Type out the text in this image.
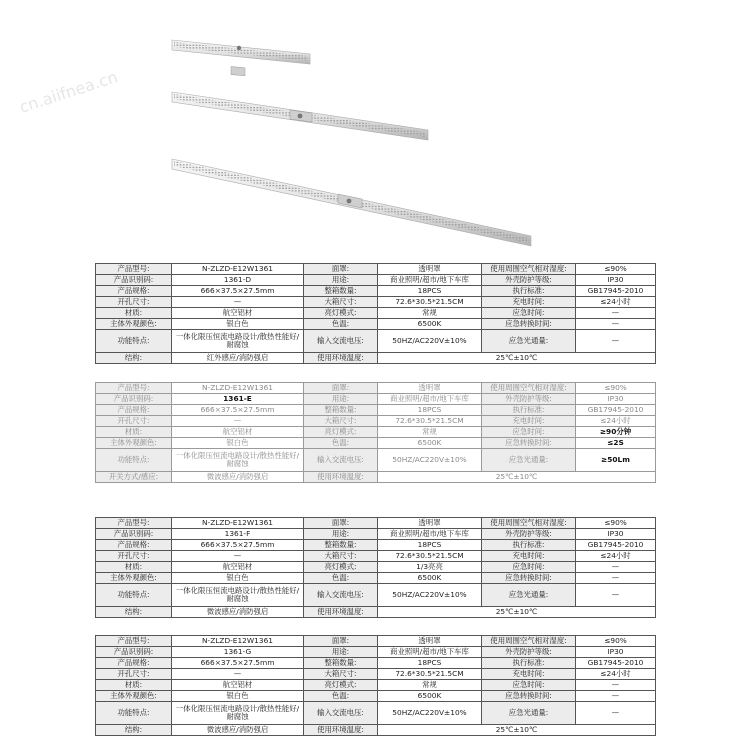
cn.aiifnea.cn
产品型号:	N-ZLZD-E12W1361	面罩:	透明罩	使用周围空气相对湿度:	≤90%
产品识别码:	1361-D	用途:	商业照明/超市/地下车库	外壳防护等级:	IP30
产品规格:	666×37.5×27.5mm	整箱数量:	18PCS	执行标准:	GB17945-2010
开孔尺寸:	—	大箱尺寸:	72.6*30.5*21.5CM	充电时间:	≤24小时
材质:	航空铝材	亮灯模式:	常规	应急时间:	—
主体外观颜色:	银白色	色温:	6500K	应急转换时间:	—
功能特点:	一体化限压恒流电路设计/散热性能好/耐腐蚀	输入交流电压:	50HZ/AC220V±10%	应急光通量:	—
结构:	红外感应/消防强启	使用环境温度:	25℃±10℃		
产品型号:	N-ZLZD-E12W1361	面罩:	透明罩	使用周围空气相对湿度:	≤90%
产品识别码:	1361-E	用途:	商业照明/超市/地下车库	外壳防护等级:	IP30
产品规格:	666×37.5×27.5mm	整箱数量:	18PCS	执行标准:	GB17945-2010
开孔尺寸:	—	大箱尺寸:	72.6*30.5*21.5CM	充电时间:	≤24小时
材质:	航空铝材	亮灯模式:	常规	应急时间:	≥90分钟
主体外观颜色:	银白色	色温:	6500K	应急转换时间:	≤2S
功能特点:	一体化限压恒流电路设计/散热性能好/耐腐蚀	输入交流电压:	50HZ/AC220V±10%	应急光通量:	≥50Lm
开关方式/感应:	微波感应/消防强启	使用环境温度:	25℃±10℃		
产品型号:	N-ZLZD-E12W1361	面罩:	透明罩	使用周围空气相对湿度:	≤90%
产品识别码:	1361-F	用途:	商业照明/超市/地下车库	外壳防护等级:	IP30
产品规格:	666×37.5×27.5mm	整箱数量:	18PCS	执行标准:	GB17945-2010
开孔尺寸:	—	大箱尺寸:	72.6*30.5*21.5CM	充电时间:	≤24小时
材质:	航空铝材	亮灯模式:	1/3亮亮	应急时间:	—
主体外观颜色:	银白色	色温:	6500K	应急转换时间:	—
功能特点:	一体化限压恒流电路设计/散热性能好/耐腐蚀	输入交流电压:	50HZ/AC220V±10%	应急光通量:	—
结构:	微波感应/消防强启	使用环境温度:	25℃±10℃		
产品型号:	N-ZLZD-E12W1361	面罩:	透明罩	使用周围空气相对湿度:	≤90%
产品识别码:	1361-G	用途:	商业照明/超市/地下车库	外壳防护等级:	IP30
产品规格:	666×37.5×27.5mm	整箱数量:	18PCS	执行标准:	GB17945-2010
开孔尺寸:	—	大箱尺寸:	72.6*30.5*21.5CM	充电时间:	≤24小时
材质:	航空铝材	亮灯模式:	常规	应急时间:	—
主体外观颜色:	银白色	色温:	6500K	应急转换时间:	—
功能特点:	一体化限压恒流电路设计/散热性能好/耐腐蚀	输入交流电压:	50HZ/AC220V±10%	应急光通量:	—
结构:	微波感应/消防强启	使用环境温度:	25℃±10℃		
